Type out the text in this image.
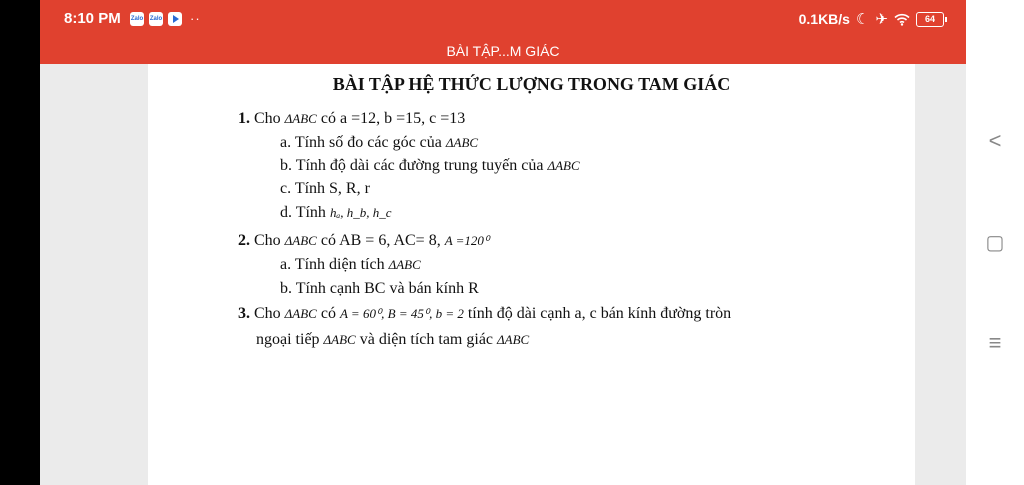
8:10 PM Zalo Zalo ··	0.1KB/s ☾ ✈	64
BÀI TẬP...M GIÁC
BÀI TẬP HỆ THỨC LƯỢNG TRONG TAM GIÁC
1. Cho ΔABC có a =12, b =15, c =13
a. Tính số đo các góc của ΔABC
b. Tính độ dài các đường trung tuyến của ΔABC
c. Tính S, R, r
d. Tính hₐ, h_b, h_c
2. Cho ΔABC có AB = 6, AC= 8, A =120⁰
a. Tính diện tích ΔABC
b. Tính cạnh BC và bán kính R
3. Cho ΔABC có A = 60⁰, B = 45⁰, b = 2 tính độ dài cạnh a, c bán kính đường tròn
ngoại tiếp ΔABC và diện tích tam giác ΔABC
<
▢
≡
